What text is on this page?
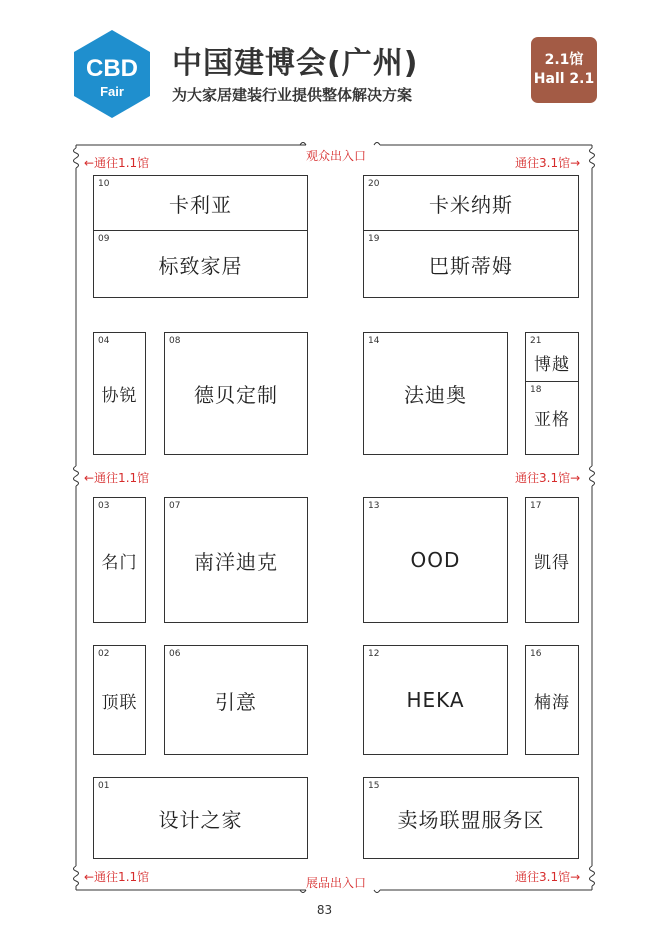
CBD
Fair
中国建博会(广州)
为大家居建装行业提供整体解决方案
2.1馆
Hall 2.1
观众出入口
展品出入口
←通往1.1馆	通往3.1馆→
←通往1.1馆	通往3.1馆→
←通往1.1馆	通往3.1馆→
10
卡利亚
09
标致家居
20
卡米纳斯
19
巴斯蒂姆
04
协锐
08
德贝定制
14
法迪奥
21
博越
18
亚格
03
名门
07
南洋迪克
13
OOD
17
凯得
02
顶联
06
引意
12
HEKA
16
楠海
01
设计之家
15
卖场联盟服务区
83
